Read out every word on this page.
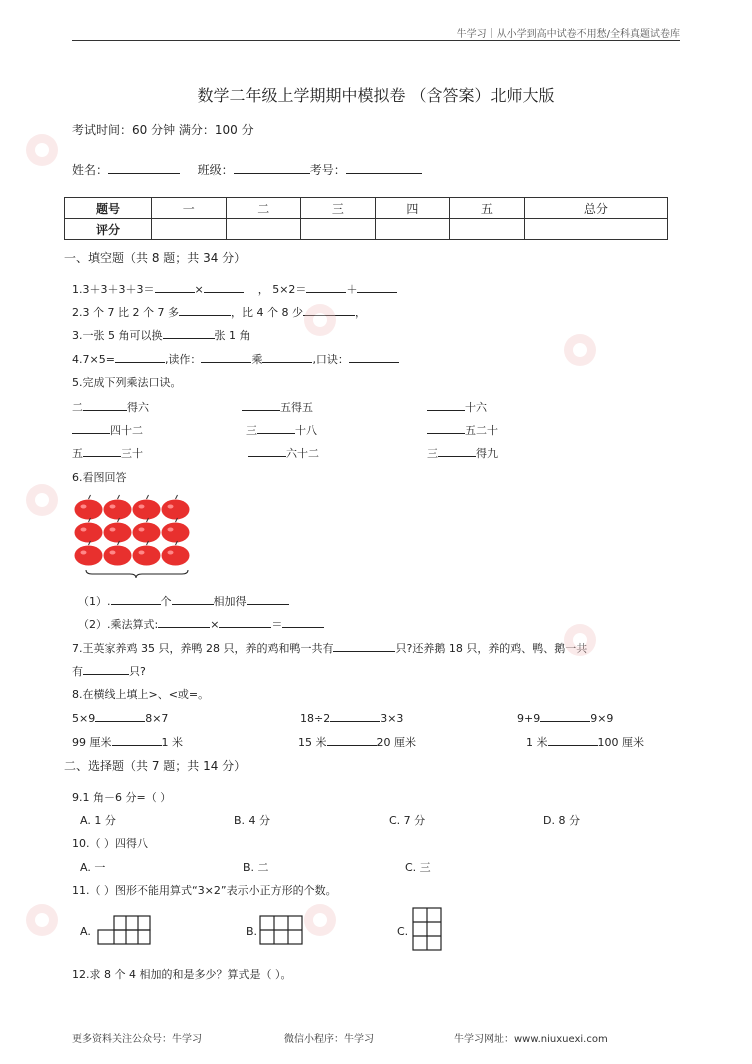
牛学习｜从小学到高中试卷不用愁/全科真题试卷库
数学二年级上学期期中模拟卷 （含答案）北师大版
考试时间：60 分钟 满分：100 分
姓名：	班级：	考号：
题号	一	二	三	四	五	总分
评分						
一、填空题（共 8 题；共 34 分）
1.3＋3＋3＋3＝	×	， 5×2＝	＋
2.3 个 7 比 2 个 7 多	，比 4 个 8 少	，
3.一张 5 角可以换	张 1 角
4.7×5=	,读作：	乘	,口诀：
5.完成下列乘法口诀。
二	得六	五得五	十六
四十二	三	十八	五二十
五	三十	六十二	三	得九
6.看图回答
（1）.	个	相加得
（2）.乘法算式:	×	＝
7.王英家养鸡 35 只，养鸭 28 只，养的鸡和鸭一共有	只?还养鹅 18 只，养的鸡、鸭、鹅一共
有	只?
8.在横线上填上>、<或=。
5×9	8×7	18÷2	3×3	9+9	9×9
99 厘米	1 米	15 米	20 厘米	1 米	100 厘米
二、选择题（共 7 题；共 14 分）
9.1 角－6 分=（ ）
A. 1 分	B. 4 分	C. 7 分	D. 8 分
10.（ ）四得八
A. 一	B. 二	C. 三
11.（ ）图形不能用算式“3×2”表示小正方形的个数。
A.	B.	C.
12.求 8 个 4 相加的和是多少？算式是（ ）。
更多资料关注公众号：牛学习	微信小程序：牛学习	牛学习网址：www.niuxuexi.com
